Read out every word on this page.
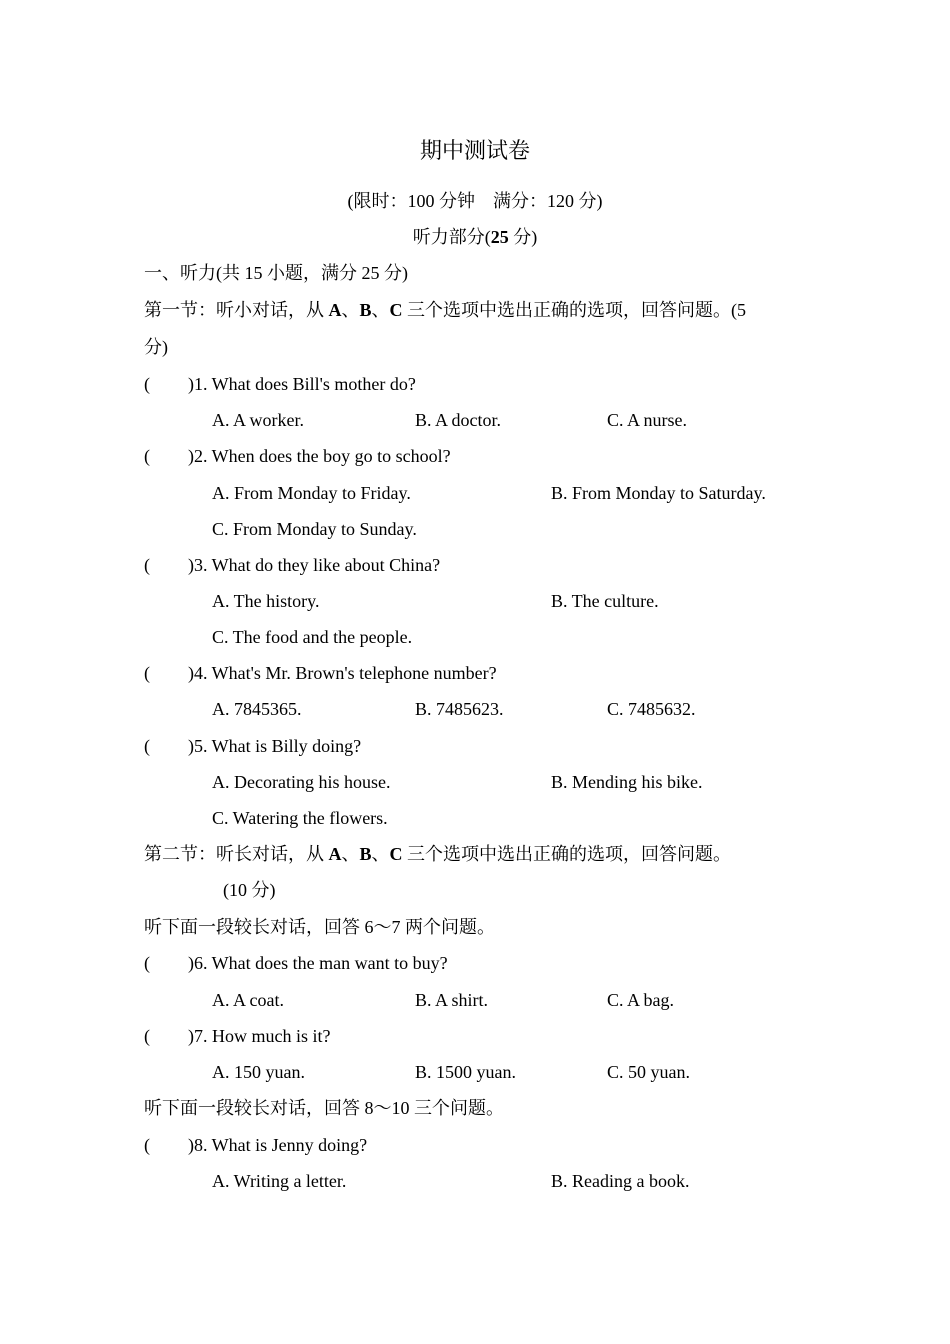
期中测试卷
(限时：100 分钟　满分：120 分)
听力部分(25 分)
一、听力(共 15 小题，满分 25 分)
第一节：听小对话，从 A、B、C 三个选项中选出正确的选项，回答问题。(5
分)
( )1. What does Bill's mother do?
A. A worker.	B. A doctor.	C. A nurse.
( )2. When does the boy go to school?
A. From Monday to Friday.	B. From Monday to Saturday.
C. From Monday to Sunday.
( )3. What do they like about China?
A. The history.	B. The culture.
C. The food and the people.
( )4. What's Mr. Brown's telephone number?
A. 7845365.	B. 7485623.	C. 7485632.
( )5. What is Billy doing?
A. Decorating his house.	B. Mending his bike.
C. Watering the flowers.
第二节：听长对话，从 A、B、C 三个选项中选出正确的选项，回答问题。
(10 分)
听下面一段较长对话，回答 6～7 两个问题。
( )6. What does the man want to buy?
A. A coat.	B. A shirt.	C. A bag.
( )7. How much is it?
A. 150 yuan.	B. 1500 yuan.	C. 50 yuan.
听下面一段较长对话，回答 8～10 三个问题。
( )8. What is Jenny doing?
A. Writing a letter.	B. Reading a book.
